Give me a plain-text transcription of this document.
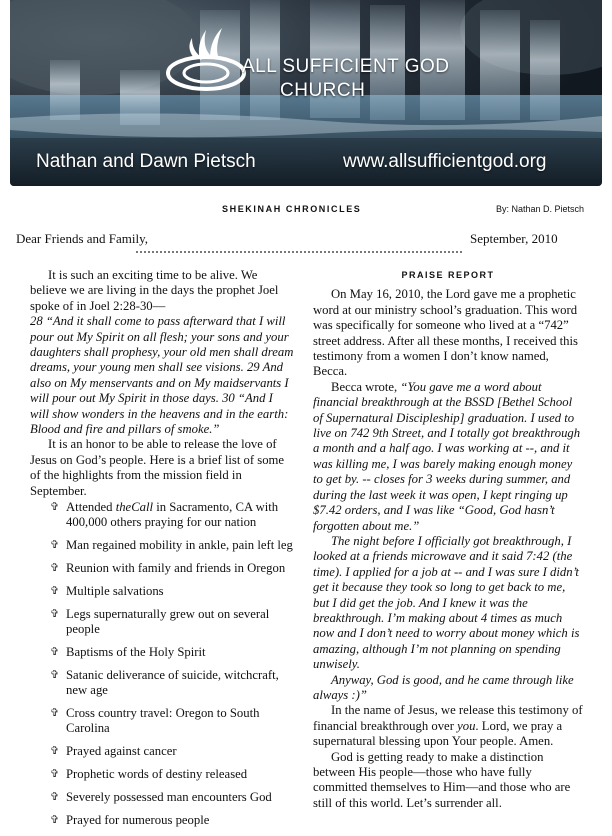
ALL SUFFICIENT GOD
CHURCH
Nathan and Dawn Pietsch	www.allsufficientgod.org
SHEKINAH CHRONICLES	By: Nathan D. Pietsch
Dear Friends and Family,	September, 2010

It is such an exciting time to be alive. We believe we are living in the days the prophet Joel spoke of in Joel 2:28-30—

28 “And it shall come to pass afterward that I will pour out My Spirit on all flesh; your sons and your daughters shall prophesy, your old men shall dream dreams, your young men shall see visions. 29 And also on My menservants and on My maidservants I will pour out My Spirit in those days. 30 “And I will show wonders in the heavens and in the earth: Blood and fire and pillars of smoke.”

It is an honor to be able to release the love of Jesus on God’s people. Here is a brief list of some of the highlights from the mission field in September.

✞ Attended theCall in Sacramento, CA with 400,000 others praying for our nation
✞ Man regained mobility in ankle, pain left leg
✞ Reunion with family and friends in Oregon
✞ Multiple salvations
✞ Legs supernaturally grew out on several people
✞ Baptisms of the Holy Spirit
✞ Satanic deliverance of suicide, witchcraft, new age
✞ Cross country travel: Oregon to South Carolina
✞ Prayed against cancer
✞ Prophetic words of destiny released
✞ Severely possessed man encounters God
✞ Prayed for numerous people
PRAISE REPORT

On May 16, 2010, the Lord gave me a prophetic word at our ministry school’s graduation. This word was specifically for someone who lived at a “742” street address. After all these months, I received this testimony from a women I don’t know named, Becca.

Becca wrote, “You gave me a word about financial breakthrough at the BSSD [Bethel School of Supernatural Discipleship] graduation. I used to live on 742 9th Street, and I totally got breakthrough a month and a half ago. I was working at --, and it was killing me, I was barely making enough money to get by. -- closes for 3 weeks during summer, and during the last week it was open, I kept ringing up $7.42 orders, and I was like “Good, God hasn’t forgotten about me.”

The night before I officially got breakthrough, I looked at a friends microwave and it said 7:42 (the time). I applied for a job at -- and I was sure I didn’t get it because they took so long to get back to me, but I did get the job. And I knew it was the breakthrough. I’m making about 4 times as much now and I don’t need to worry about money which is amazing, although I’m not planning on spending unwisely.

Anyway, God is good, and he came through like always :)”

In the name of Jesus, we release this testimony of financial breakthrough over you. Lord, we pray a supernatural blessing upon Your people. Amen.

God is getting ready to make a distinction between His people—those who have fully committed themselves to Him—and those who are still of this world. Let’s surrender all.
